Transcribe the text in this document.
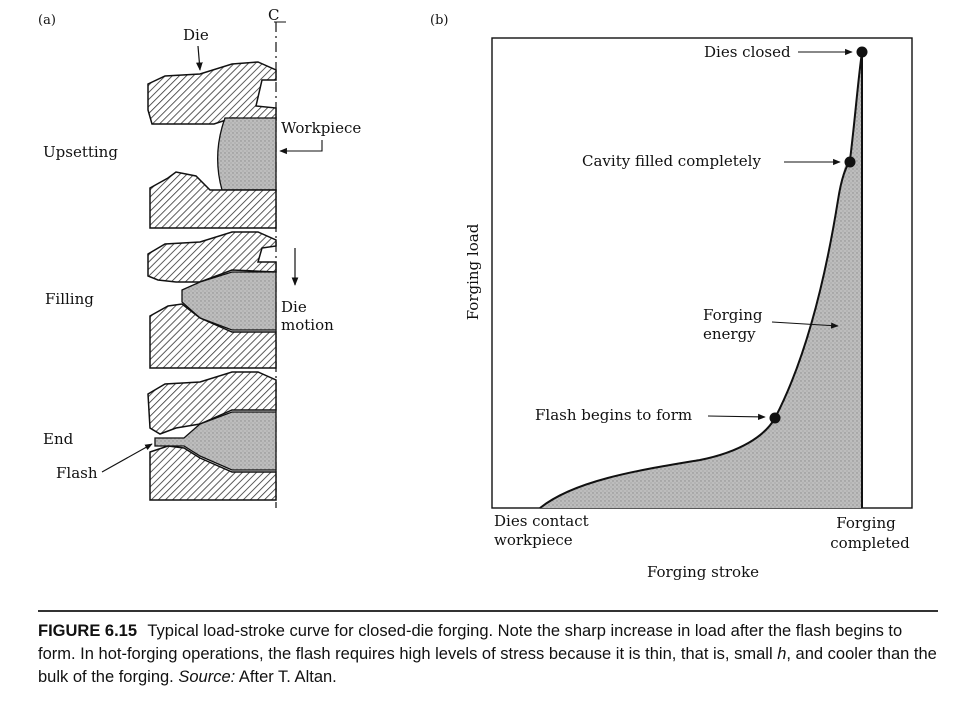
(a)	C
Die
Upsetting
Workpiece
Filling	Die
motion
End
Flash
(b)
Dies closed
Cavity filled completely
Forging
energy
Flash begins to form
Forging load
Forging stroke
Dies contact
workpiece
Forging
completed

FIGURE 6.15 Typical load-stroke curve for closed-die forging. Note the sharp increase in load after the flash begins to form. In hot-forging operations, the flash requires high levels of stress because it is thin, that is, small h, and cooler than the bulk of the forging. Source: After T. Altan.
